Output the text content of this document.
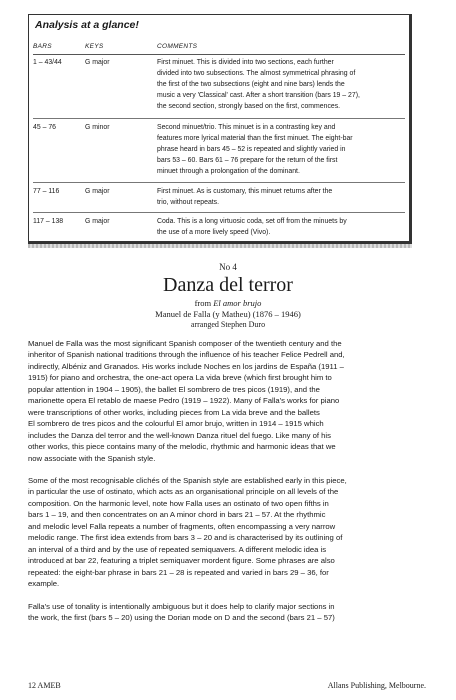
Analysis at a glance!
BARS	KEYS	COMMENTS
1 – 43/44	G major	First minuet. This is divided into two sections, each further
divided into two subsections. The almost symmetrical phrasing of
the first of the two subsections (eight and nine bars) lends the
music a very 'Classical' cast. After a short transition (bars 19 – 27),
the second section, strongly based on the first, commences.
45 – 76	G minor	Second minuet/trio. This minuet is in a contrasting key and
features more lyrical material than the first minuet. The eight-bar
phrase heard in bars 45 – 52 is repeated and slightly varied in
bars 53 – 60. Bars 61 – 76 prepare for the return of the first
minuet through a prolongation of the dominant.
77 – 116	G major	First minuet. As is customary, this minuet returns after the
trio, without repeats.
117 – 138	G major	Coda. This is a long virtuosic coda, set off from the minuets by
the use of a more lively speed (Vivo).
No 4
Danza del terror
from El amor brujo
Manuel de Falla (y Matheu) (1876 – 1946)
arranged Stephen Duro
Manuel de Falla was the most significant Spanish composer of the twentieth century and the
inheritor of Spanish national traditions through the influence of his teacher Felice Pedrell and,
indirectly, Albéniz and Granados. His works include Noches en los jardins de España (1911 –
1915) for piano and orchestra, the one-act opera La vida breve (which first brought him to
popular attention in 1904 – 1905), the ballet El sombrero de tres picos (1919), and the
marionette opera El retablo de maese Pedro (1919 – 1922). Many of Falla's works for piano
were transcriptions of other works, including pieces from La vida breve and the ballets
El sombrero de tres picos and the colourful El amor brujo, written in 1914 – 1915 which
includes the Danza del terror and the well-known Danza rituel del fuego. Like many of his
other works, this piece contains many of the melodic, rhythmic and harmonic ideas that we
now associate with the Spanish style.
Some of the most recognisable clichés of the Spanish style are established early in this piece,
in particular the use of ostinato, which acts as an organisational principle on all levels of the
composition. On the harmonic level, note how Falla uses an ostinato of two open fifths in
bars 1 – 19, and then concentrates on an A minor chord in bars 21 – 57. At the rhythmic
and melodic level Falla repeats a number of fragments, often encompassing a very narrow
melodic range. The first idea extends from bars 3 – 20 and is characterised by its outlining of
an interval of a third and by the use of repeated semiquavers. A different melodic idea is
introduced at bar 22, featuring a triplet semiquaver mordent figure. Some phrases are also
repeated: the eight-bar phrase in bars 21 – 28 is repeated and varied in bars 29 – 36, for
example.
Falla's use of tonality is intentionally ambiguous but it does help to clarify major sections in
the work, the first (bars 5 – 20) using the Dorian mode on D and the second (bars 21 – 57)
12 AMEB	Allans Publishing, Melbourne.
